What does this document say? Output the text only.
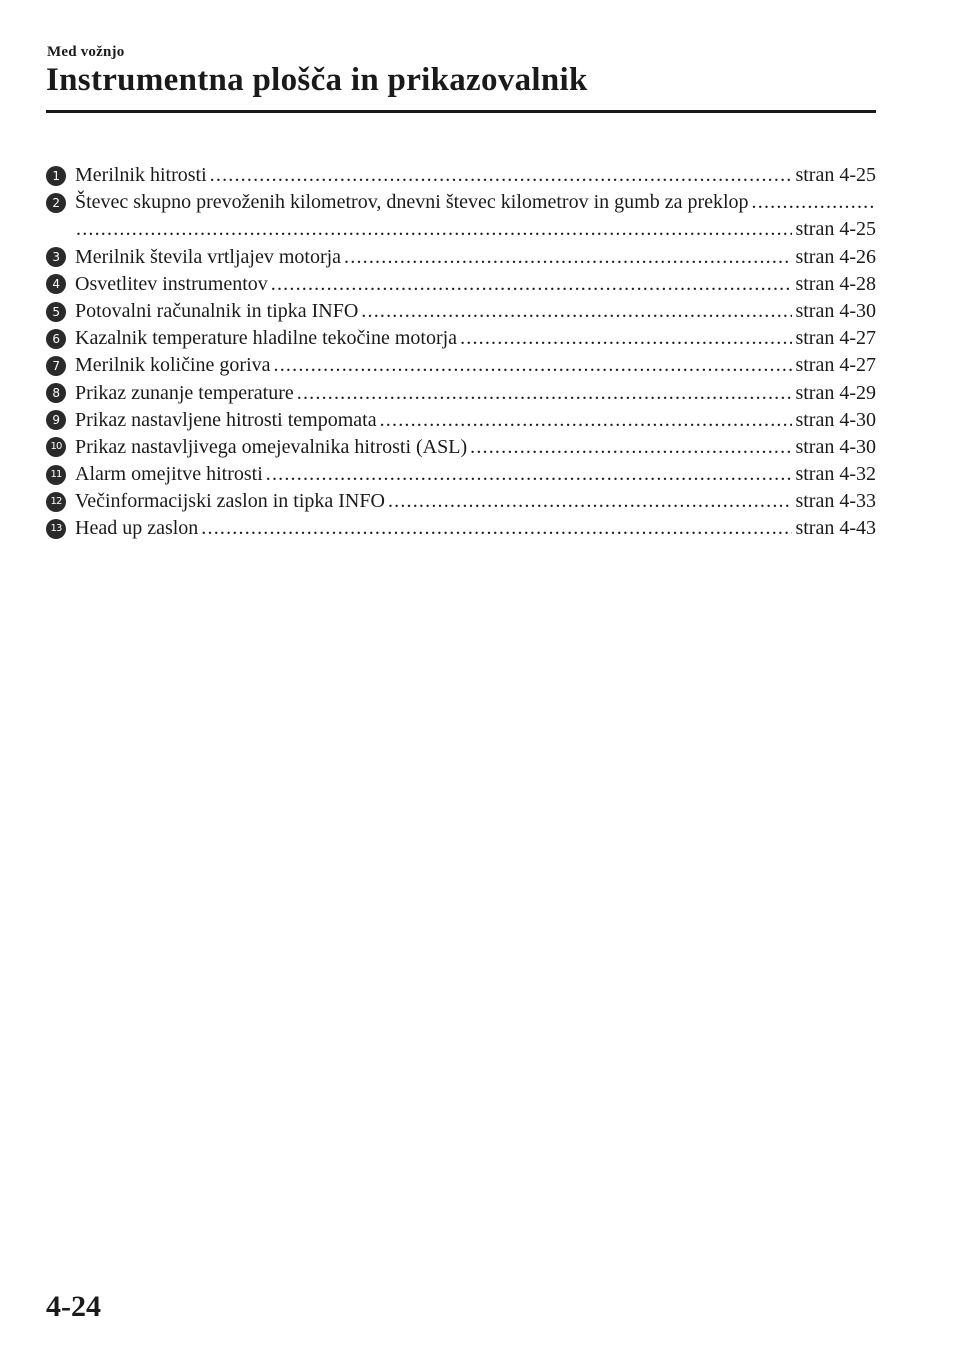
Med vožnjo
Instrumentna plošča in prikazovalnik
1 Merilnik hitrosti .....	stran 4-25
2 Števec skupno prevoženih kilometrov, dnevni števec kilometrov in gumb za preklop
.....
.....
stran 4-25
3 Merilnik števila vrtljajev motorja .....	stran 4-26
4 Osvetlitev instrumentov .....	stran 4-28
5 Potovalni računalnik in tipka INFO .....	stran 4-30
6 Kazalnik temperature hladilne tekočine motorja .....	stran 4-27
7 Merilnik količine goriva .....	stran 4-27
8 Prikaz zunanje temperature .....	stran 4-29
9 Prikaz nastavljene hitrosti tempomata .....	stran 4-30
10 Prikaz nastavljivega omejevalnika hitrosti (ASL) .....	stran 4-30
11 Alarm omejitve hitrosti .....	stran 4-32
12 Večinformacijski zaslon in tipka INFO .....	stran 4-33
13 Head up zaslon .....	stran 4-43
4-24
